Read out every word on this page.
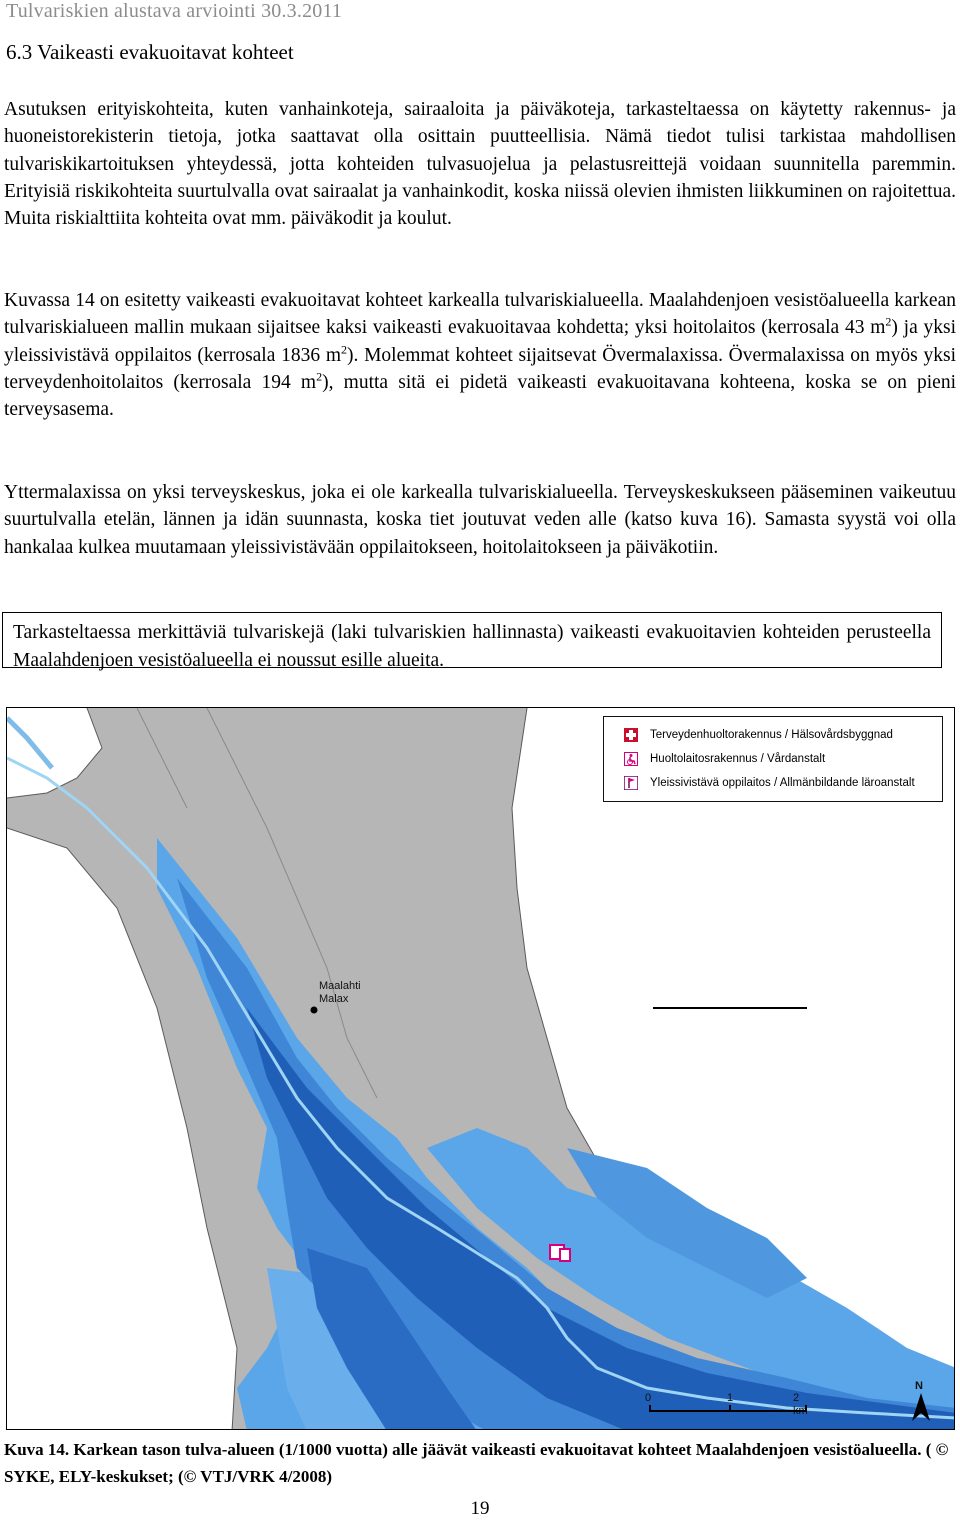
Tulvariskien alustava arviointi 30.3.2011
6.3 Vaikeasti evakuoitavat kohteet
Asutuksen erityiskohteita, kuten vanhainkoteja, sairaaloita ja päiväkoteja, tarkasteltaessa on käytetty rakennus- ja huoneistorekisterin tietoja, jotka saattavat olla osittain puutteellisia. Nämä tiedot tulisi tarkistaa mahdollisen tulvariskikartoituksen yhteydessä, jotta kohteiden tulvasuojelua ja pelastusreittejä voidaan suunnitella paremmin. Erityisiä riskikohteita suurtulvalla ovat sairaalat ja vanhainkodit, koska niissä olevien ihmisten liikkuminen on rajoitettua. Muita riskialttiita kohteita ovat mm. päiväkodit ja koulut.
Kuvassa 14 on esitetty vaikeasti evakuoitavat kohteet karkealla tulvariskialueella. Maalahdenjoen vesistöalueella karkean tulvariskialueen mallin mukaan sijaitsee kaksi vaikeasti evakuoitavaa kohdetta; yksi hoitolaitos (kerrosala 43 $m^2$) ja yksi yleissivistävä oppilaitos (kerrosala 1836 $m^2$). Molemmat kohteet sijaitsevat Övermalaxissa. Övermalaxissa on myös yksi terveydenhoitolaitos (kerrosala 194 $m^2$), mutta sitä ei pidetä vaikeasti evakuoitavana kohteena, koska se on pieni terveysasema.
Yttermalaxissa on yksi terveyskeskus, joka ei ole karkealla tulvariskialueella. Terveyskeskukseen pääseminen vaikeutuu suurtulvalla etelän, lännen ja idän suunnasta, koska tiet joutuvat veden alle (katso kuva 16). Samasta syystä voi olla hankalaa kulkea muutamaan yleissivistävään oppilaitokseen, hoitolaitokseen ja päiväkotiin.
Tarkasteltaessa merkittäviä tulvariskejä (laki tulvariskien hallinnasta) vaikeasti evakuoitavien kohteiden perusteella Maalahdenjoen vesistöalueella ei noussut esille alueita.
Terveydenhuoltorakennus / Hälsovårdsbyggnad
Huoltolaitosrakennus / Vårdanstalt
Yleissivistävä oppilaitos / Allmänbildande läroanstalt
Maalahti
Malax
0	1	2 km
N
Kuva 14. Karkean tason tulva-alueen (1/1000 vuotta) alle jäävät vaikeasti evakuoitavat kohteet Maalahdenjoen vesistöalueella. ( © SYKE, ELY-keskukset; (© VTJ/VRK 4/2008)
19
